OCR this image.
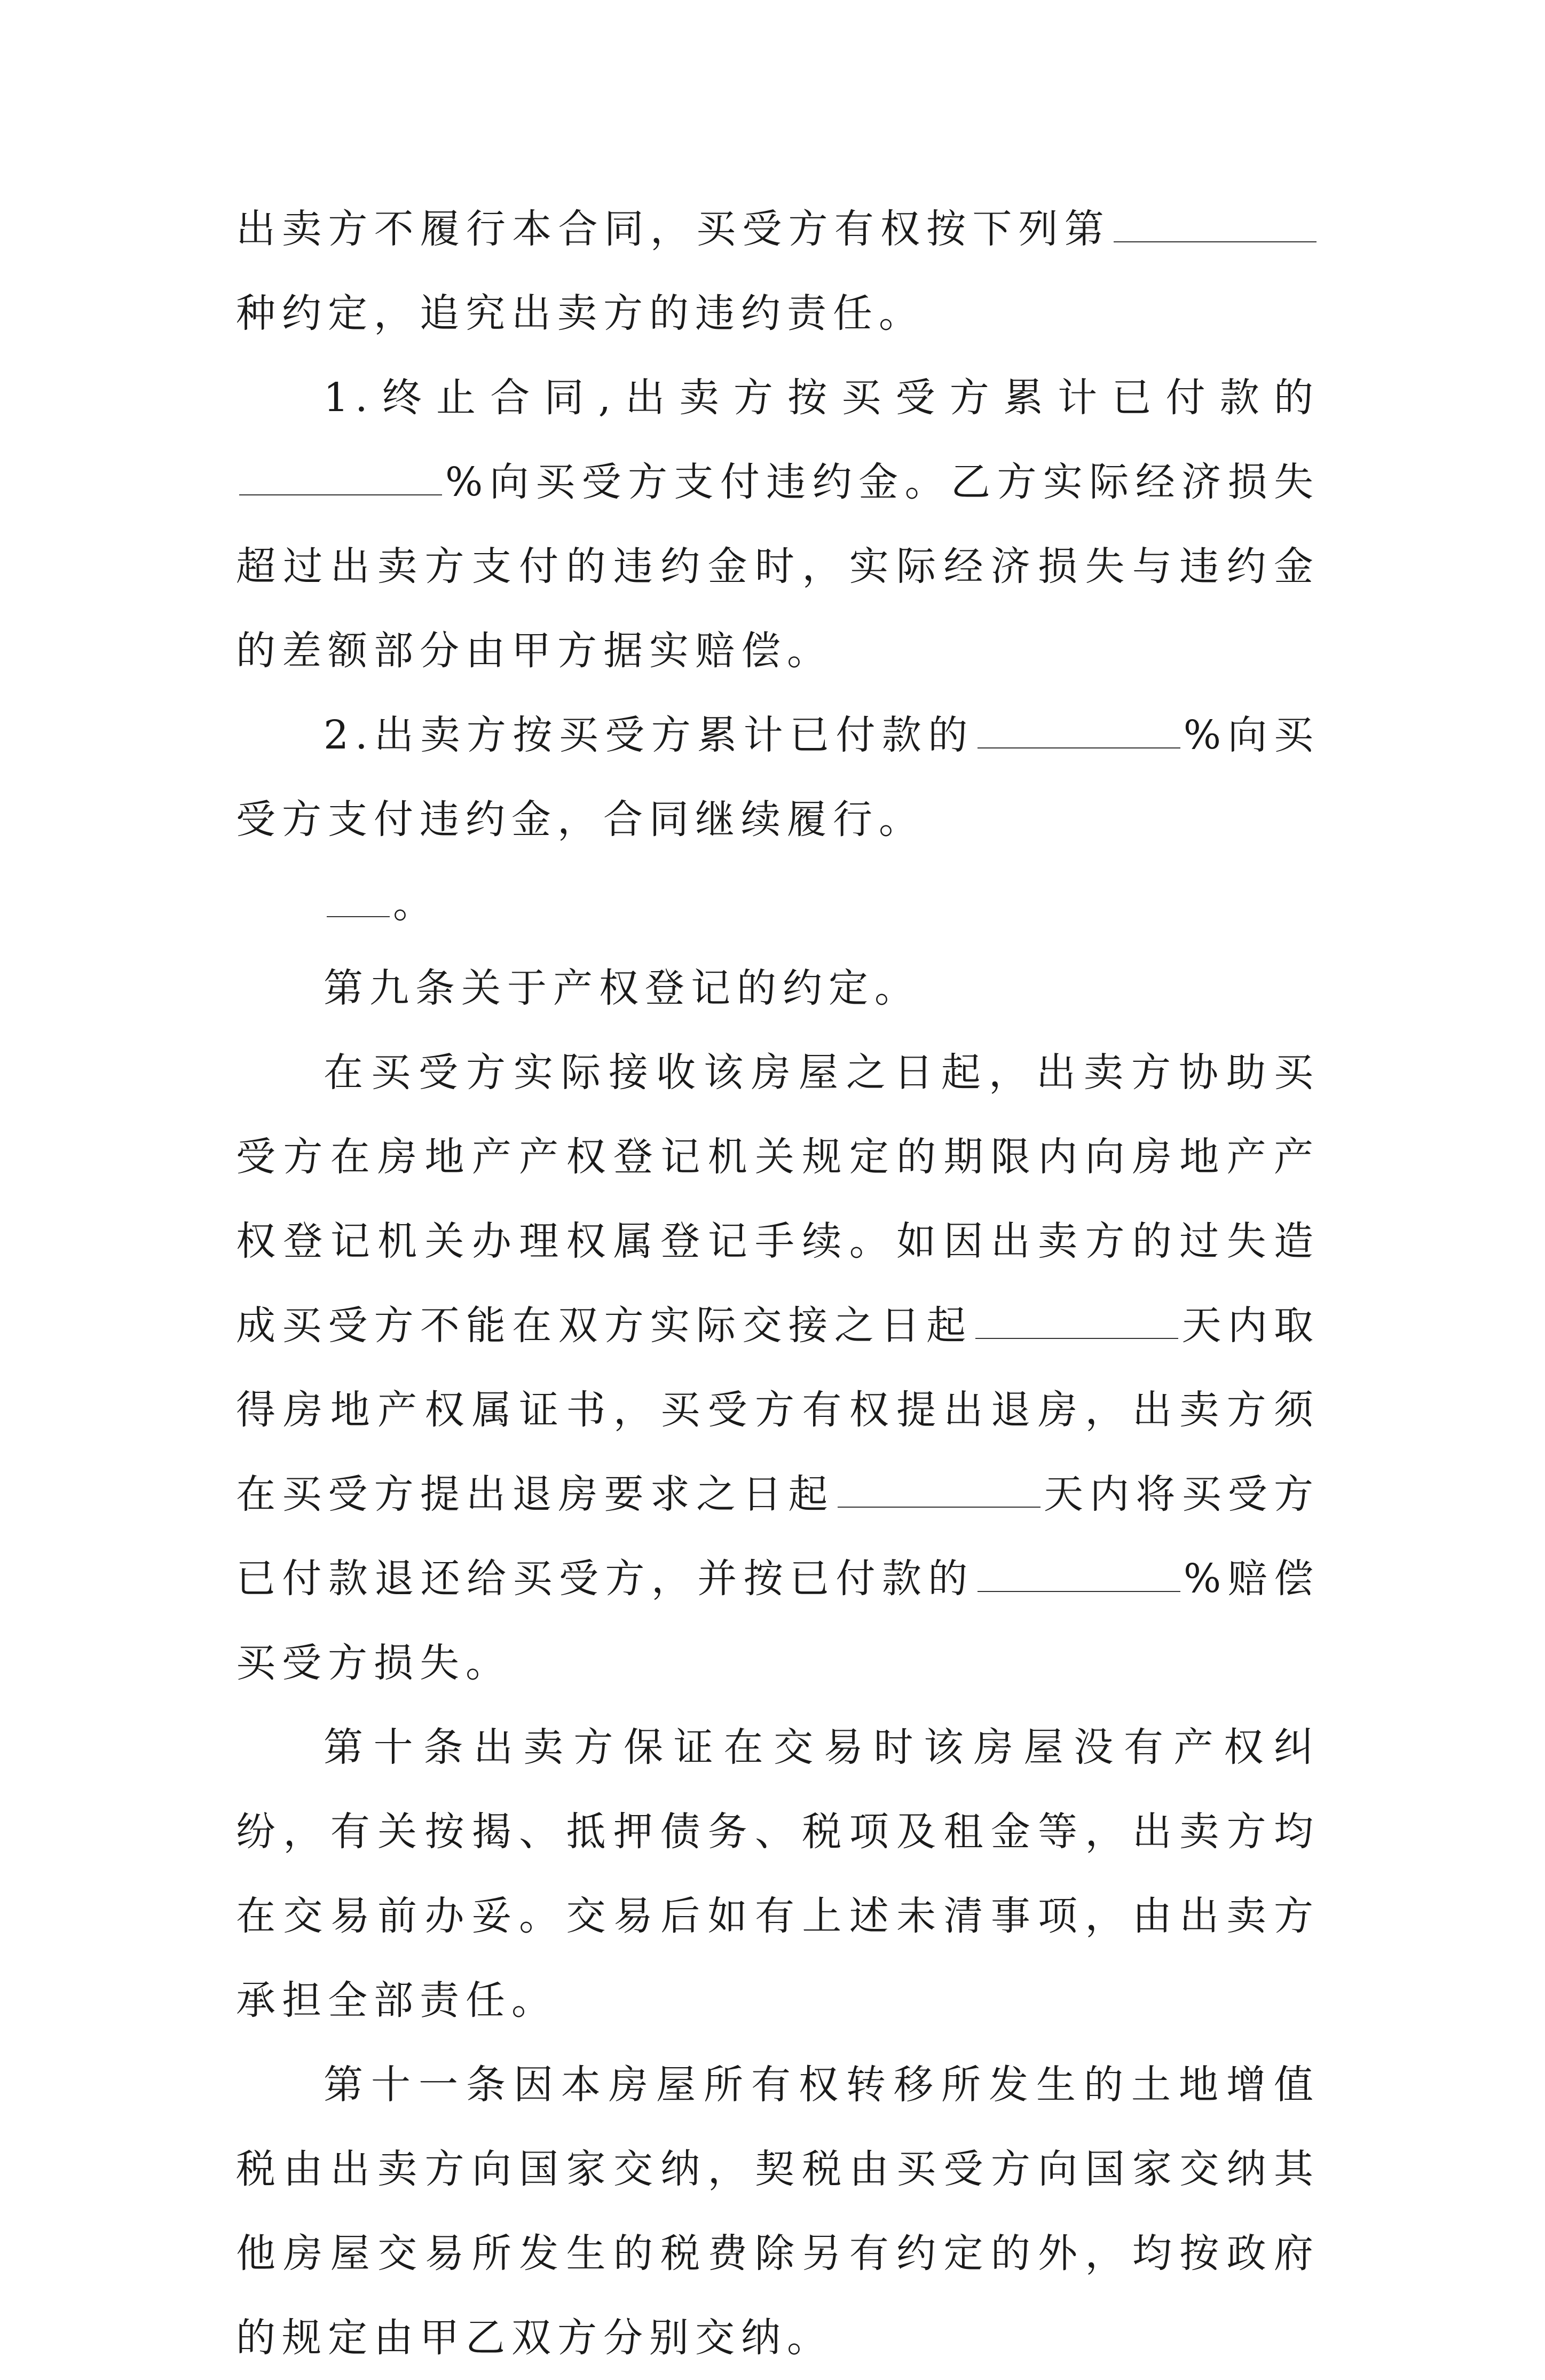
出卖方不履行本合同，买受方有权按下列第种约定，追究出卖方的违约责任。

1.终止合同,出卖方按买受方累计已付款的%向买受方支付违约金。乙方实际经济损失超过出卖方支付的违约金时，实际经济损失与违约金的差额部分由甲方据实赔偿。

2.出卖方按买受方累计已付款的	%向买受方支付违约金，合同继续履行。

。

第九条关于产权登记的约定。

在买受方实际接收该房屋之日起，出卖方协助买受方在房地产产权登记机关规定的期限内向房地产产权登记机关办理权属登记手续。如因出卖方的过失造成买受方不能在双方实际交接之日起	天内取得房地产权属证书，买受方有权提出退房，出卖方须在买受方提出退房要求之日起	天内将买受方已付款退还给买受方，并按已付款的	%赔偿买受方损失。

第十条出卖方保证在交易时该房屋没有产权纠纷，有关按揭、抵押债务、税项及租金等，出卖方均在交易前办妥。交易后如有上述未清事项，由出卖方承担全部责任。

第十一条因本房屋所有权转移所发生的土地增值税由出卖方向国家交纳，契税由买受方向国家交纳其他房屋交易所发生的税费除另有约定的外，均按政府的规定由甲乙双方分别交纳。
